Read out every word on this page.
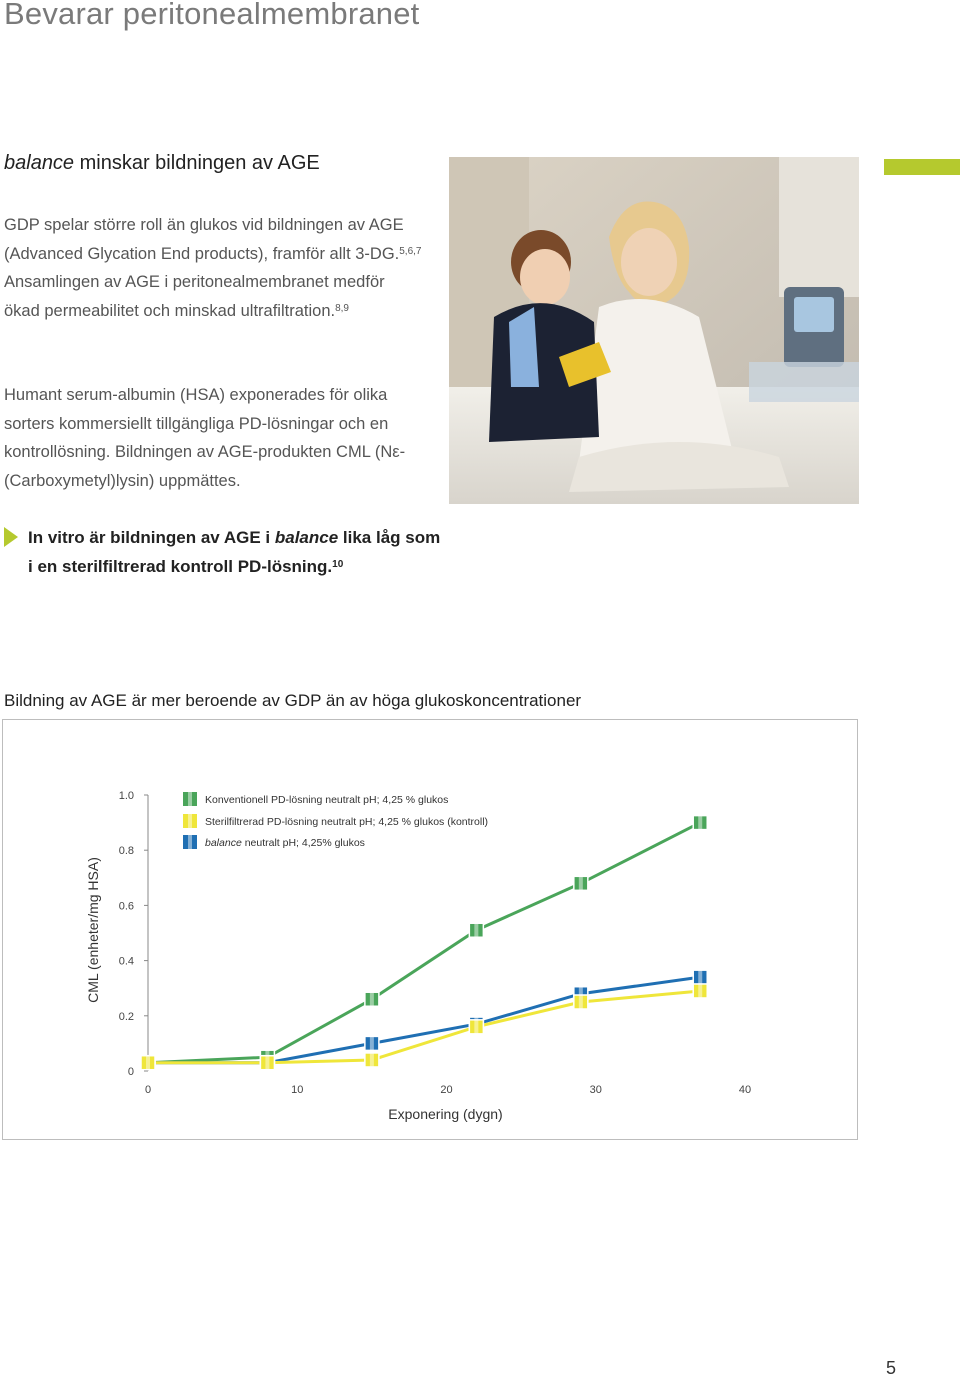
Bevarar peritonealmembranet
balance minskar bildningen av AGE

GDP spelar större roll än glukos vid bildningen av AGE (Advanced Glycation End products), framför allt 3-DG.$^{5,6,7}$ Ansamlingen av AGE i peritonealmembranet medför ökad permeabilitet och minskad ultrafiltration.$^{8,9}$

Humant serum-albumin (HSA) exponerades för olika sorters kommersiellt tillgängliga PD-lösningar och en kontrollösning. Bildningen av AGE-produkten CML (Nε-(Carboxymetyl)lysin) uppmättes.

In vitro är bildningen av AGE i balance lika låg som i en sterilfiltrerad kontroll PD-lösning.$^{10}$

Bildning av AGE är mer beroende av GDP än av höga glukoskoncentrationer
0
0.2
0.4
0.6
0.8
1.0
0	10	20	30	40
Exponering (dygn)
CML (enheter/mg HSA)
Konventionell PD-lösning neutralt pH; 4,25 % glukos
Sterilfiltrerad PD-lösning neutralt pH; 4,25 % glukos (kontroll)
balance neutralt pH; 4,25% glukos
5
